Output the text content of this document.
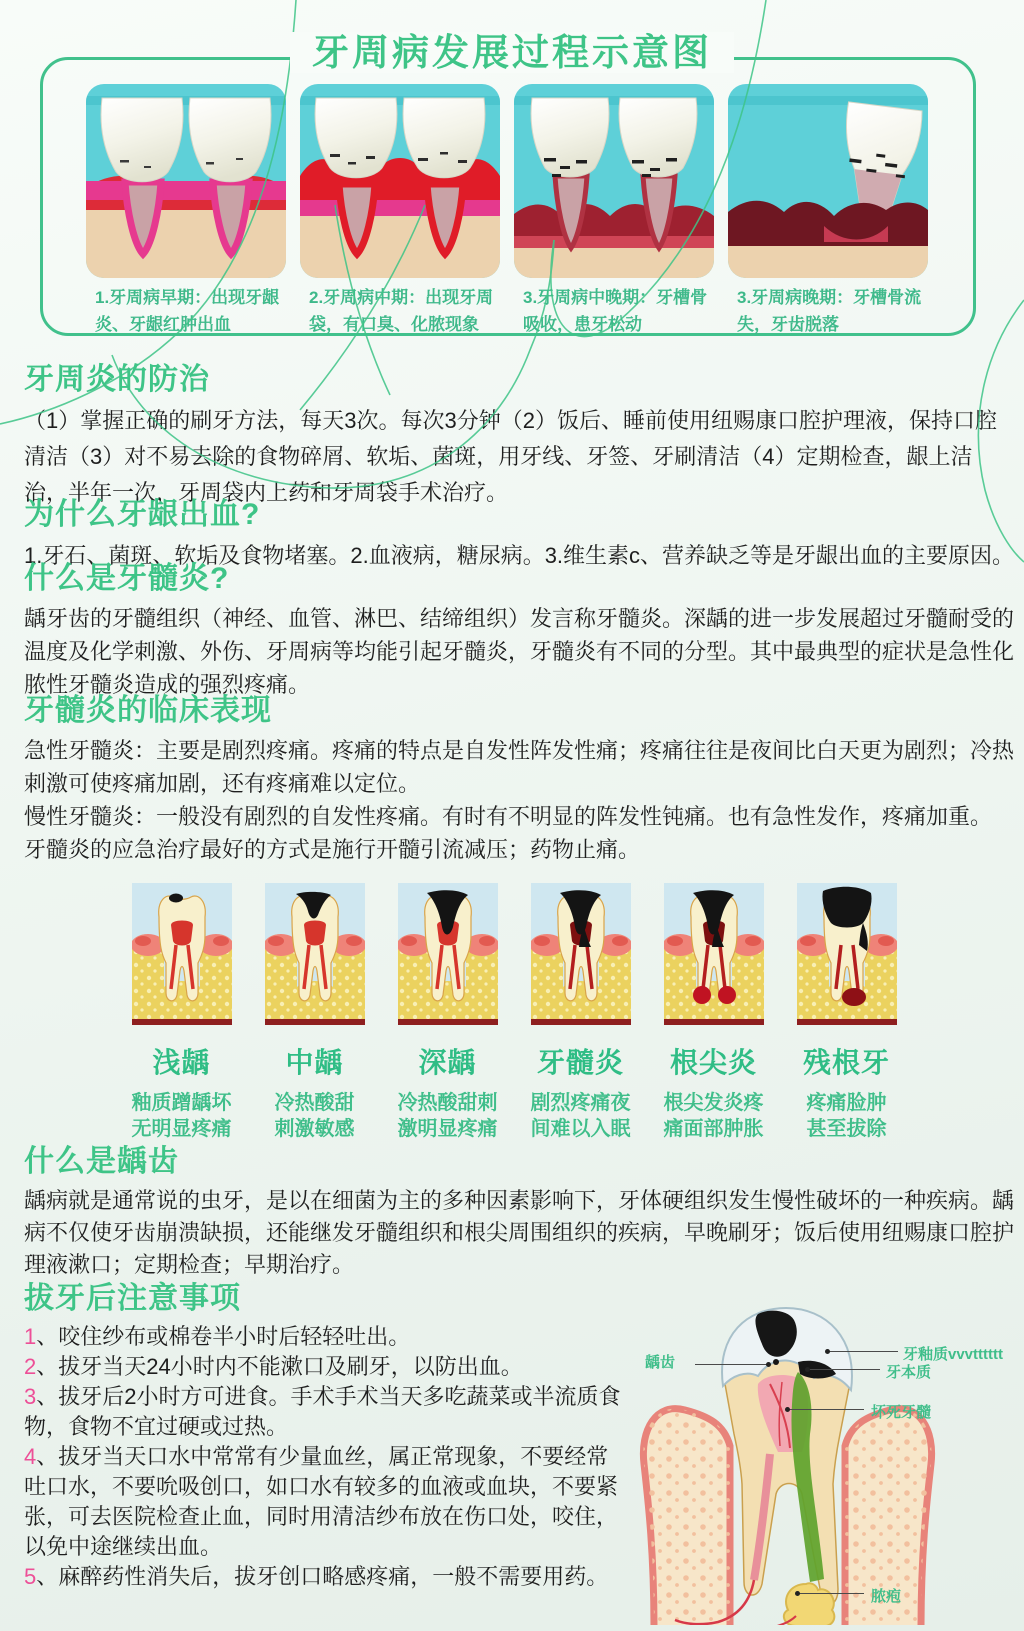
牙周病发展过程示意图
1.牙周病早期：出现牙龈炎、牙龈红肿出血
2.牙周病中期：出现牙周袋，有口臭、化脓现象
3.牙周病中晚期：牙槽骨吸收，患牙松动
3.牙周病晚期：牙槽骨流失，牙齿脱落
牙周炎的防治

（1）掌握正确的刷牙方法，每天3次。每次3分钟（2）饭后、睡前使用纽赐康口腔护理液，保持口腔清洁（3）对不易去除的食物碎屑、软垢、菌斑，用牙线、牙签、牙刷清洁（4）定期检查，龈上洁治，半年一次，牙周袋内上药和牙周袋手术治疗。

为什么牙龈出血?

1.牙石、菌斑、软垢及食物堵塞。2.血液病，糖尿病。3.维生素c、营养缺乏等是牙龈出血的主要原因。

什么是牙髓炎?

龋牙齿的牙髓组织（神经、血管、淋巴、结缔组织）发言称牙髓炎。深龋的进一步发展超过牙髓耐受的温度及化学刺激、外伤、牙周病等均能引起牙髓炎，牙髓炎有不同的分型。其中最典型的症状是急性化脓性牙髓炎造成的强烈疼痛。

牙髓炎的临床表现

急性牙髓炎：主要是剧烈疼痛。疼痛的特点是自发性阵发性痛；疼痛往往是夜间比白天更为剧烈；冷热刺激可使疼痛加剧，还有疼痛难以定位。

慢性牙髓炎：一般没有剧烈的自发性疼痛。有时有不明显的阵发性钝痛。也有急性发作，疼痛加重。

牙髓炎的应急治疗最好的方式是施行开髓引流减压；药物止痛。

浅龋
釉质蹭龋坏
无明显疼痛
中龋
冷热酸甜
刺激敏感
深龋
冷热酸甜刺
激明显疼痛
牙髓炎
剧烈疼痛夜
间难以入眠
根尖炎
根尖发炎疼
痛面部肿胀
残根牙
疼痛脸肿
甚至拔除
什么是龋齿

龋病就是通常说的虫牙，是以在细菌为主的多种因素影响下，牙体硬组织发生慢性破坏的一种疾病。龋病不仅使牙齿崩溃缺损，还能继发牙髓组织和根尖周围组织的疾病，早晚刷牙；饭后使用纽赐康口腔护理液漱口；定期检查；早期治疗。

拔牙后注意事项

1、咬住纱布或棉卷半小时后轻轻吐出。

2、拔牙当天24小时内不能漱口及刷牙，以防出血。

3、拔牙后2小时方可进食。手术手术当天多吃蔬菜或半流质食物，食物不宜过硬或过热。

4、拔牙当天口水中常常有少量血丝，属正常现象，不要经常吐口水，不要吮吸创口，如口水有较多的血液或血块，不要紧张，可去医院检查止血，同时用清洁纱布放在伤口处，咬住，以免中途继续出血。

5、麻醉药性消失后，拔牙创口略感疼痛，一般不需要用药。

龋齿	牙釉质vvvtttttt
牙本质
坏死牙髓
脓疱
